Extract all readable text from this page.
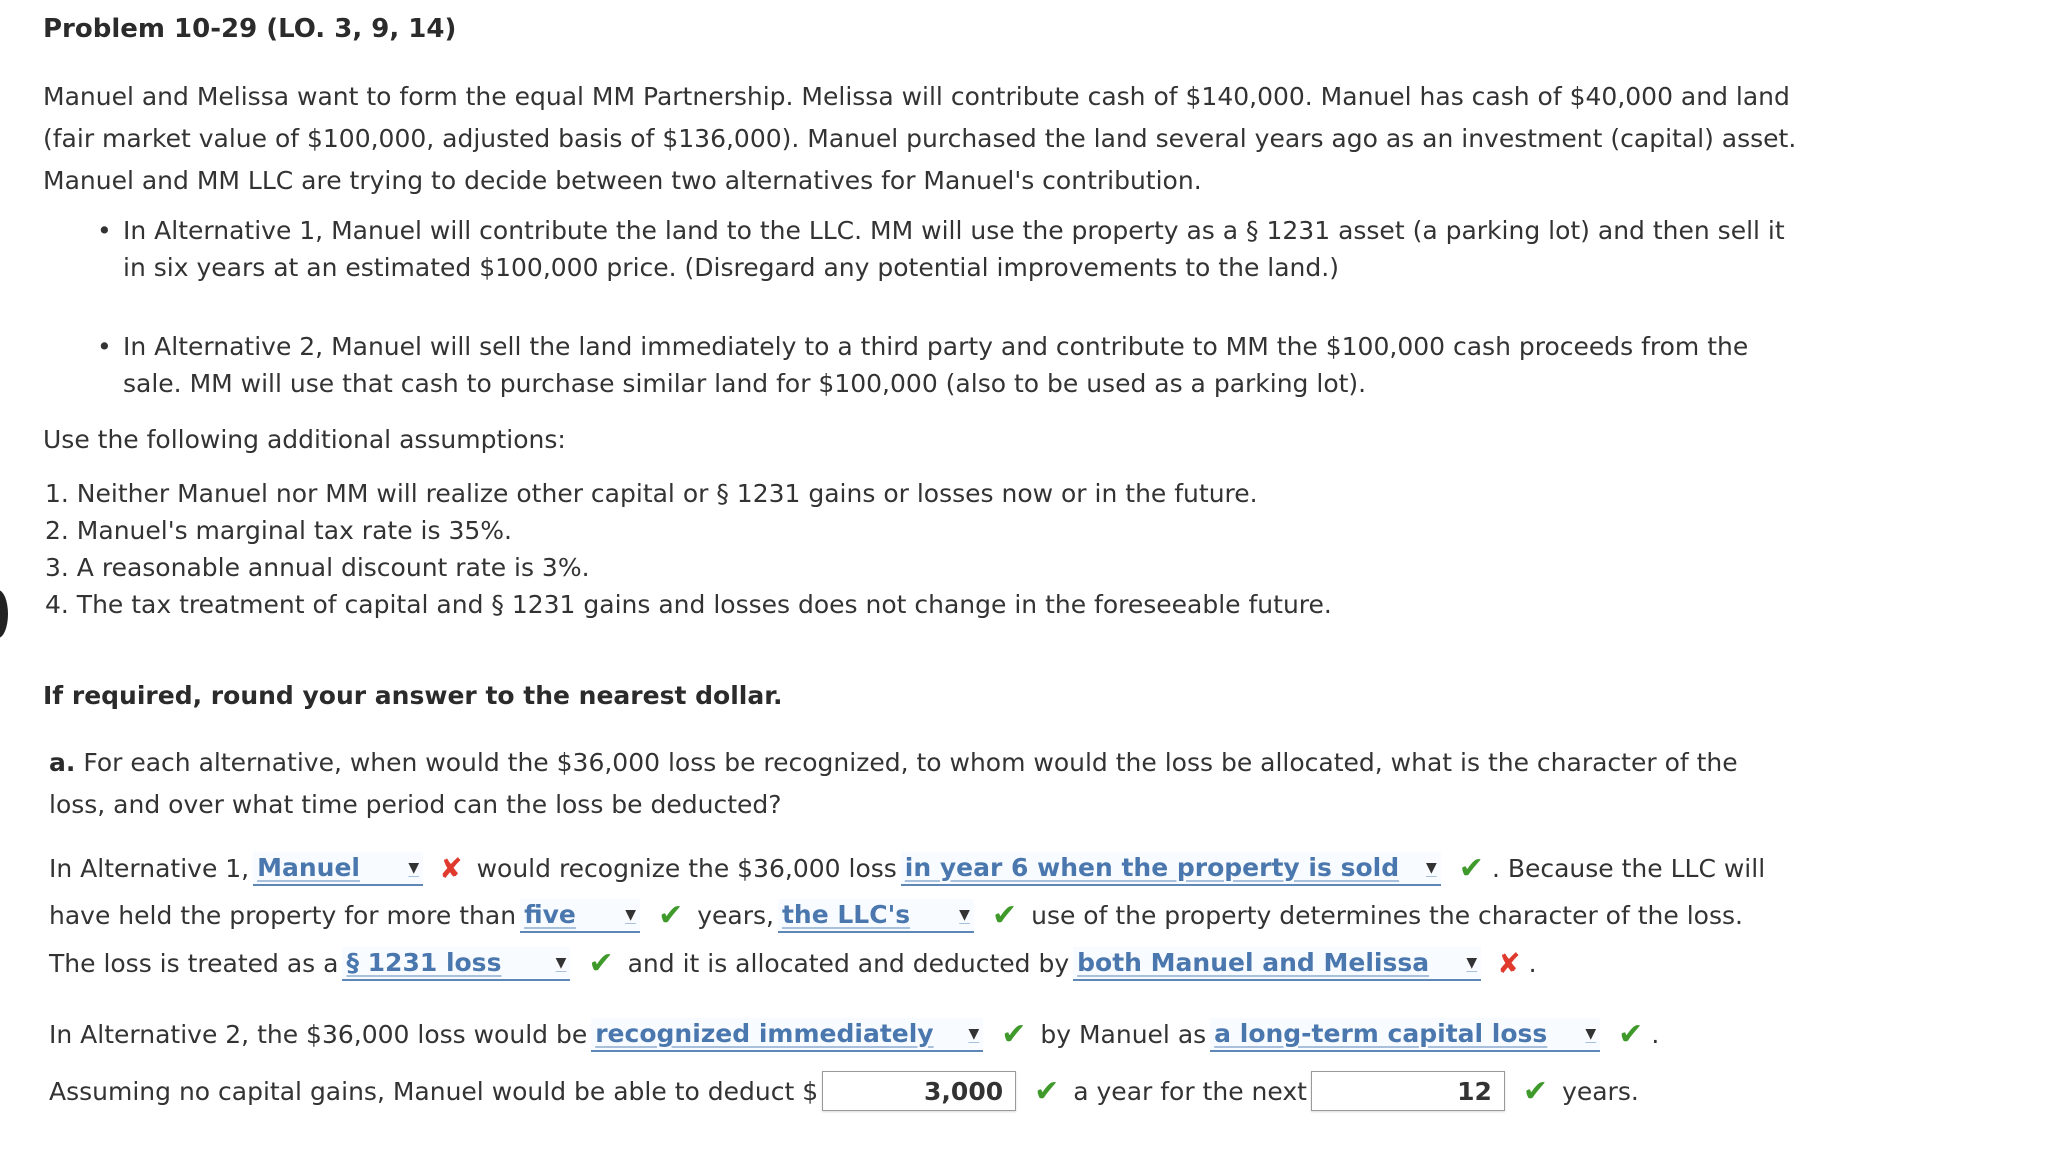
Problem 10-29 (LO. 3, 9, 14)

Manuel and Melissa want to form the equal MM Partnership. Melissa will contribute cash of $140,000. Manuel has cash of $40,000 and land

(fair market value of $100,000, adjusted basis of $136,000). Manuel purchased the land several years ago as an investment (capital) asset.

Manuel and MM LLC are trying to decide between two alternatives for Manuel's contribution.

• In Alternative 1, Manuel will contribute the land to the LLC. MM will use the property as a § 1231 asset (a parking lot) and then sell it
in six years at an estimated $100,000 price. (Disregard any potential improvements to the land.)
• In Alternative 2, Manuel will sell the land immediately to a third party and contribute to MM the $100,000 cash proceeds from the
sale. MM will use that cash to purchase similar land for $100,000 (also to be used as a parking lot).
Use the following additional assumptions:
1. Neither Manuel nor MM will realize other capital or § 1231 gains or losses now or in the future.
2. Manuel's marginal tax rate is 35%.
3. A reasonable annual discount rate is 3%.
4. The tax treatment of capital and § 1231 gains and losses does not change in the foreseeable future.
If required, round your answer to the nearest dollar.
a. For each alternative, when would the $36,000 loss be recognized, to whom would the loss be allocated, what is the character of the
loss, and over what time period can the loss be deducted?
In Alternative 1, Manuel	▼ ✘ would recognize the $36,000 loss in year 6 when the property is sold ▼ ✔ . Because the LLC will
have held the property for more than five	▼ ✔ years, the LLC's	▼ ✔ use of the property determines the character of the loss.
The loss is treated as a § 1231 loss	▼ ✔ and it is allocated and deducted by both Manuel and Melissa	▼ ✘ .
In Alternative 2, the $36,000 loss would be recognized immediately ▼ ✔ by Manuel as a long-term capital loss	▼ ✔ .
Assuming no capital gains, Manuel would be able to deduct $	3,000	✔ a year for the next	12	✔ years.
